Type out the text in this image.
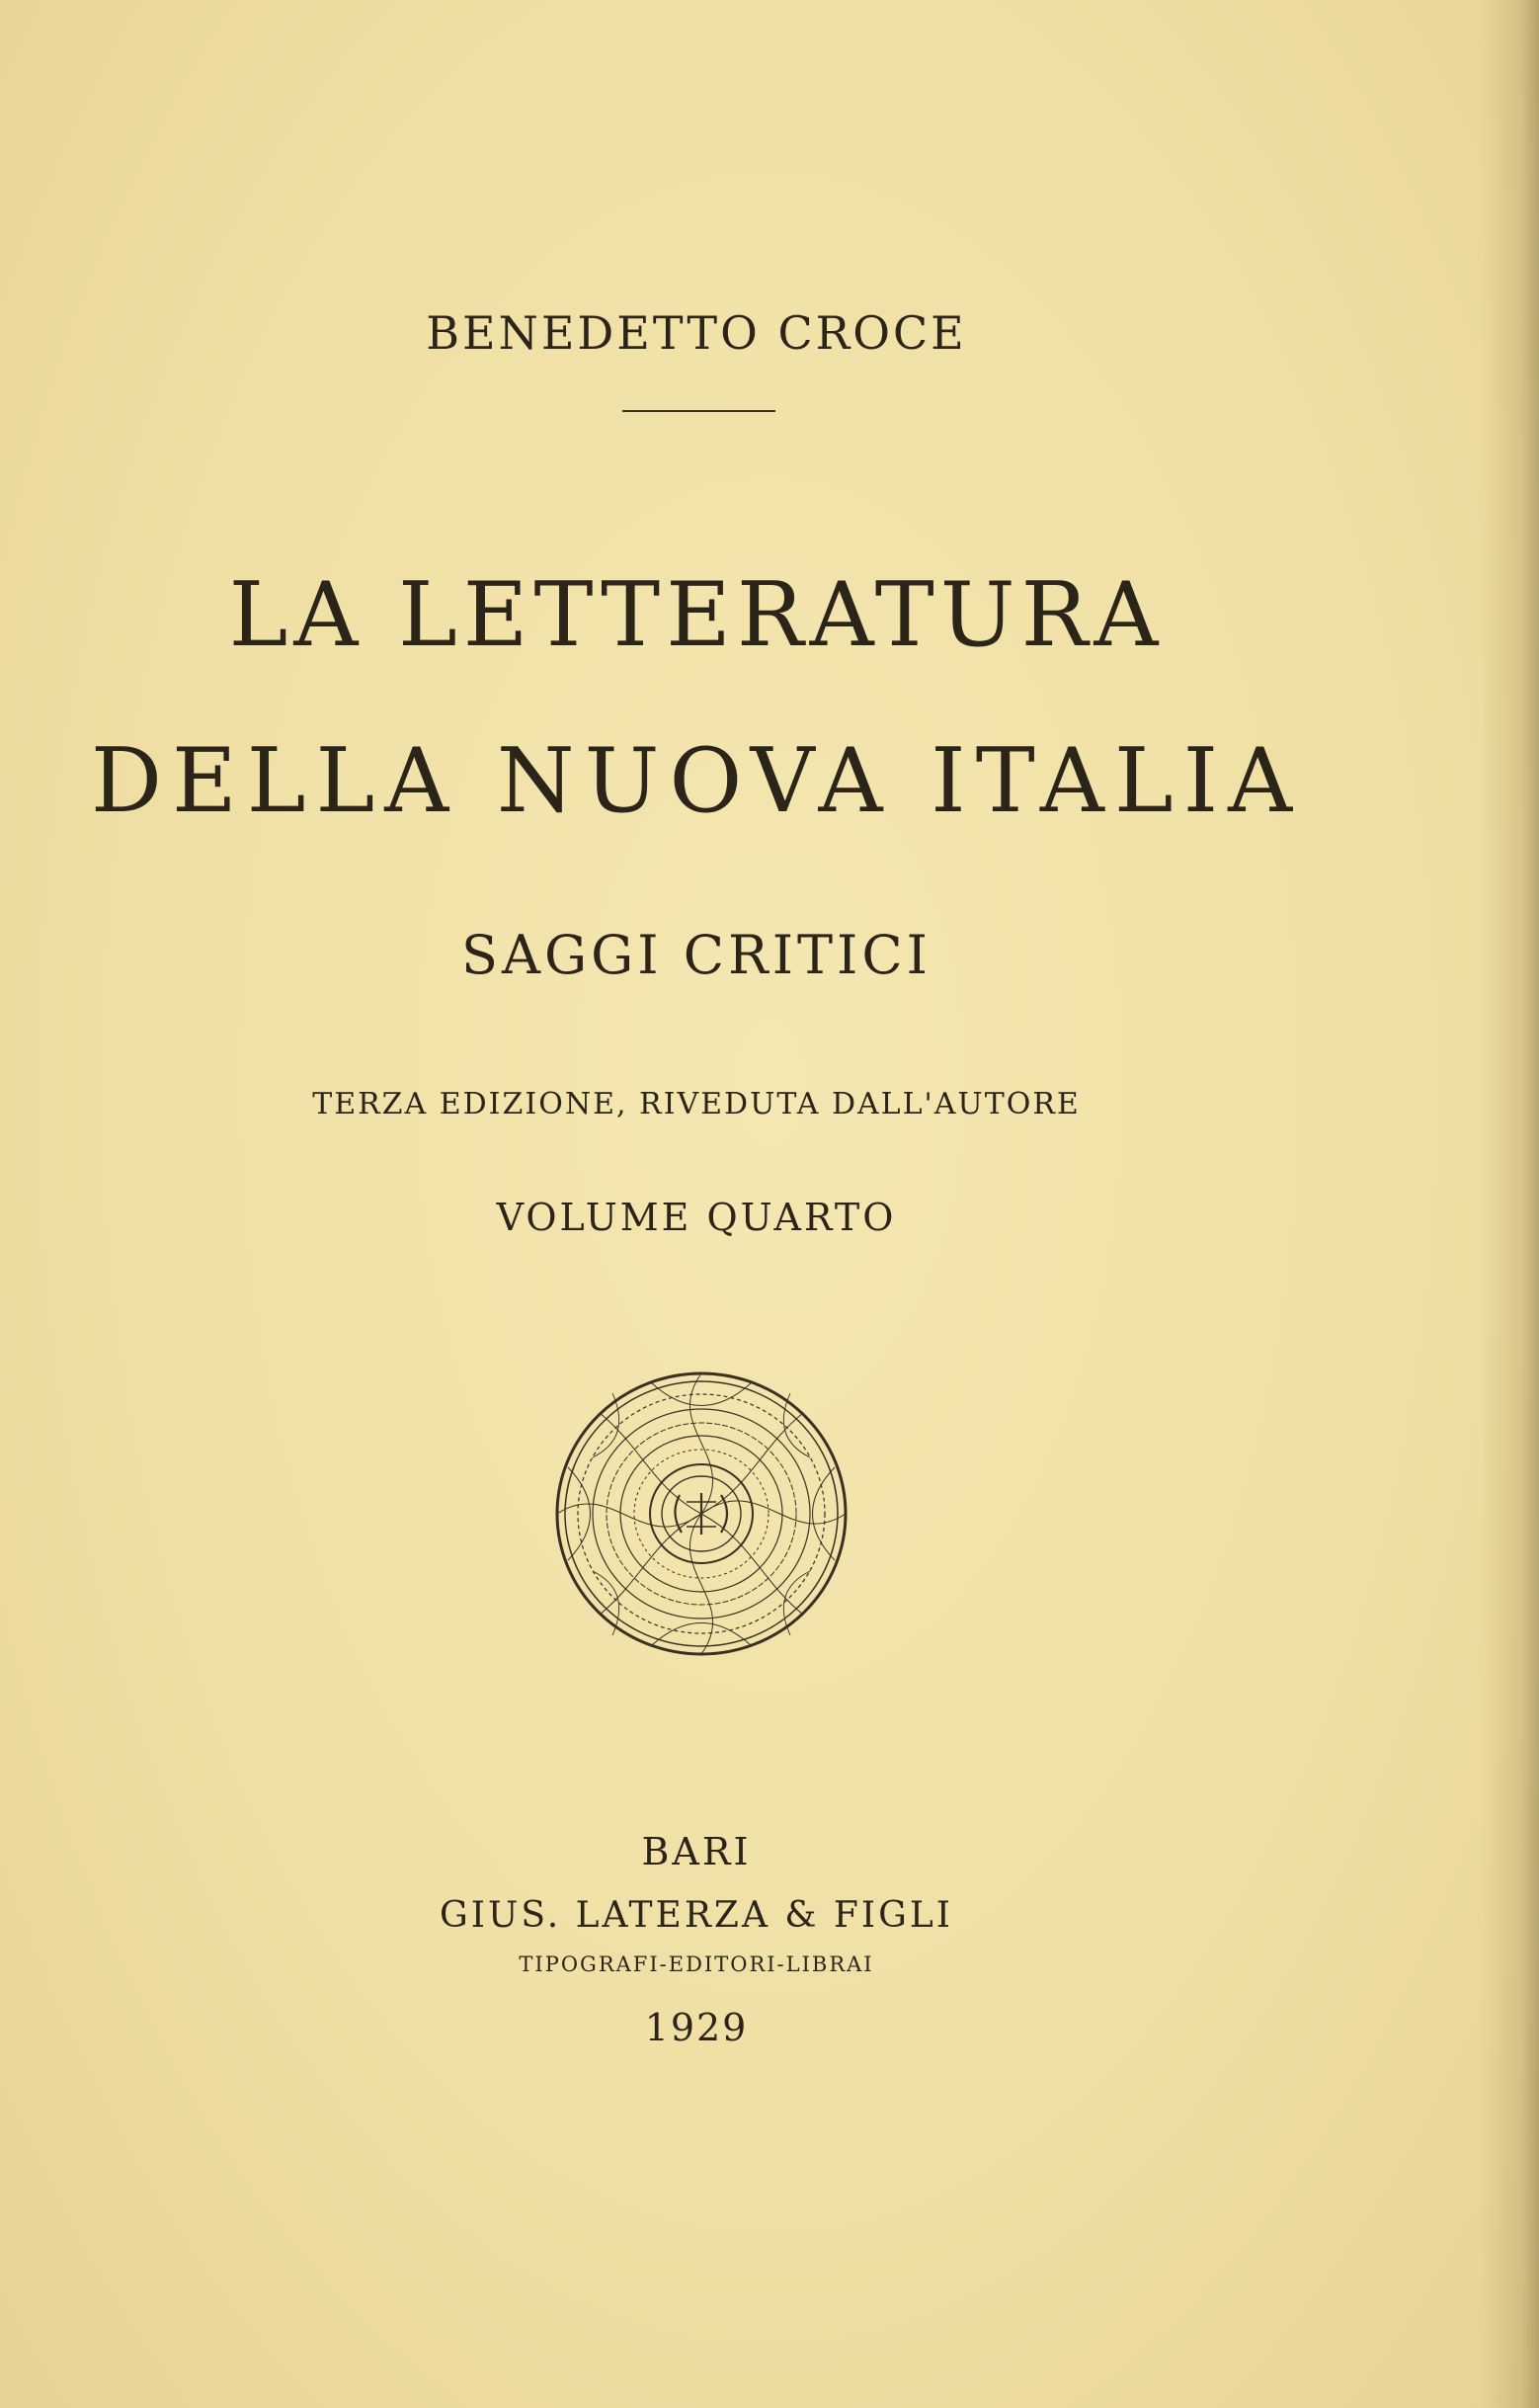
BENEDETTO CROCE
LA LETTERATURA
DELLA NUOVA ITALIA
SAGGI CRITICI
TERZA EDIZIONE, RIVEDUTA DALL'AUTORE
VOLUME QUARTO
BARI
GIUS. LATERZA & FIGLI
TIPOGRAFI-EDITORI-LIBRAI
1929
